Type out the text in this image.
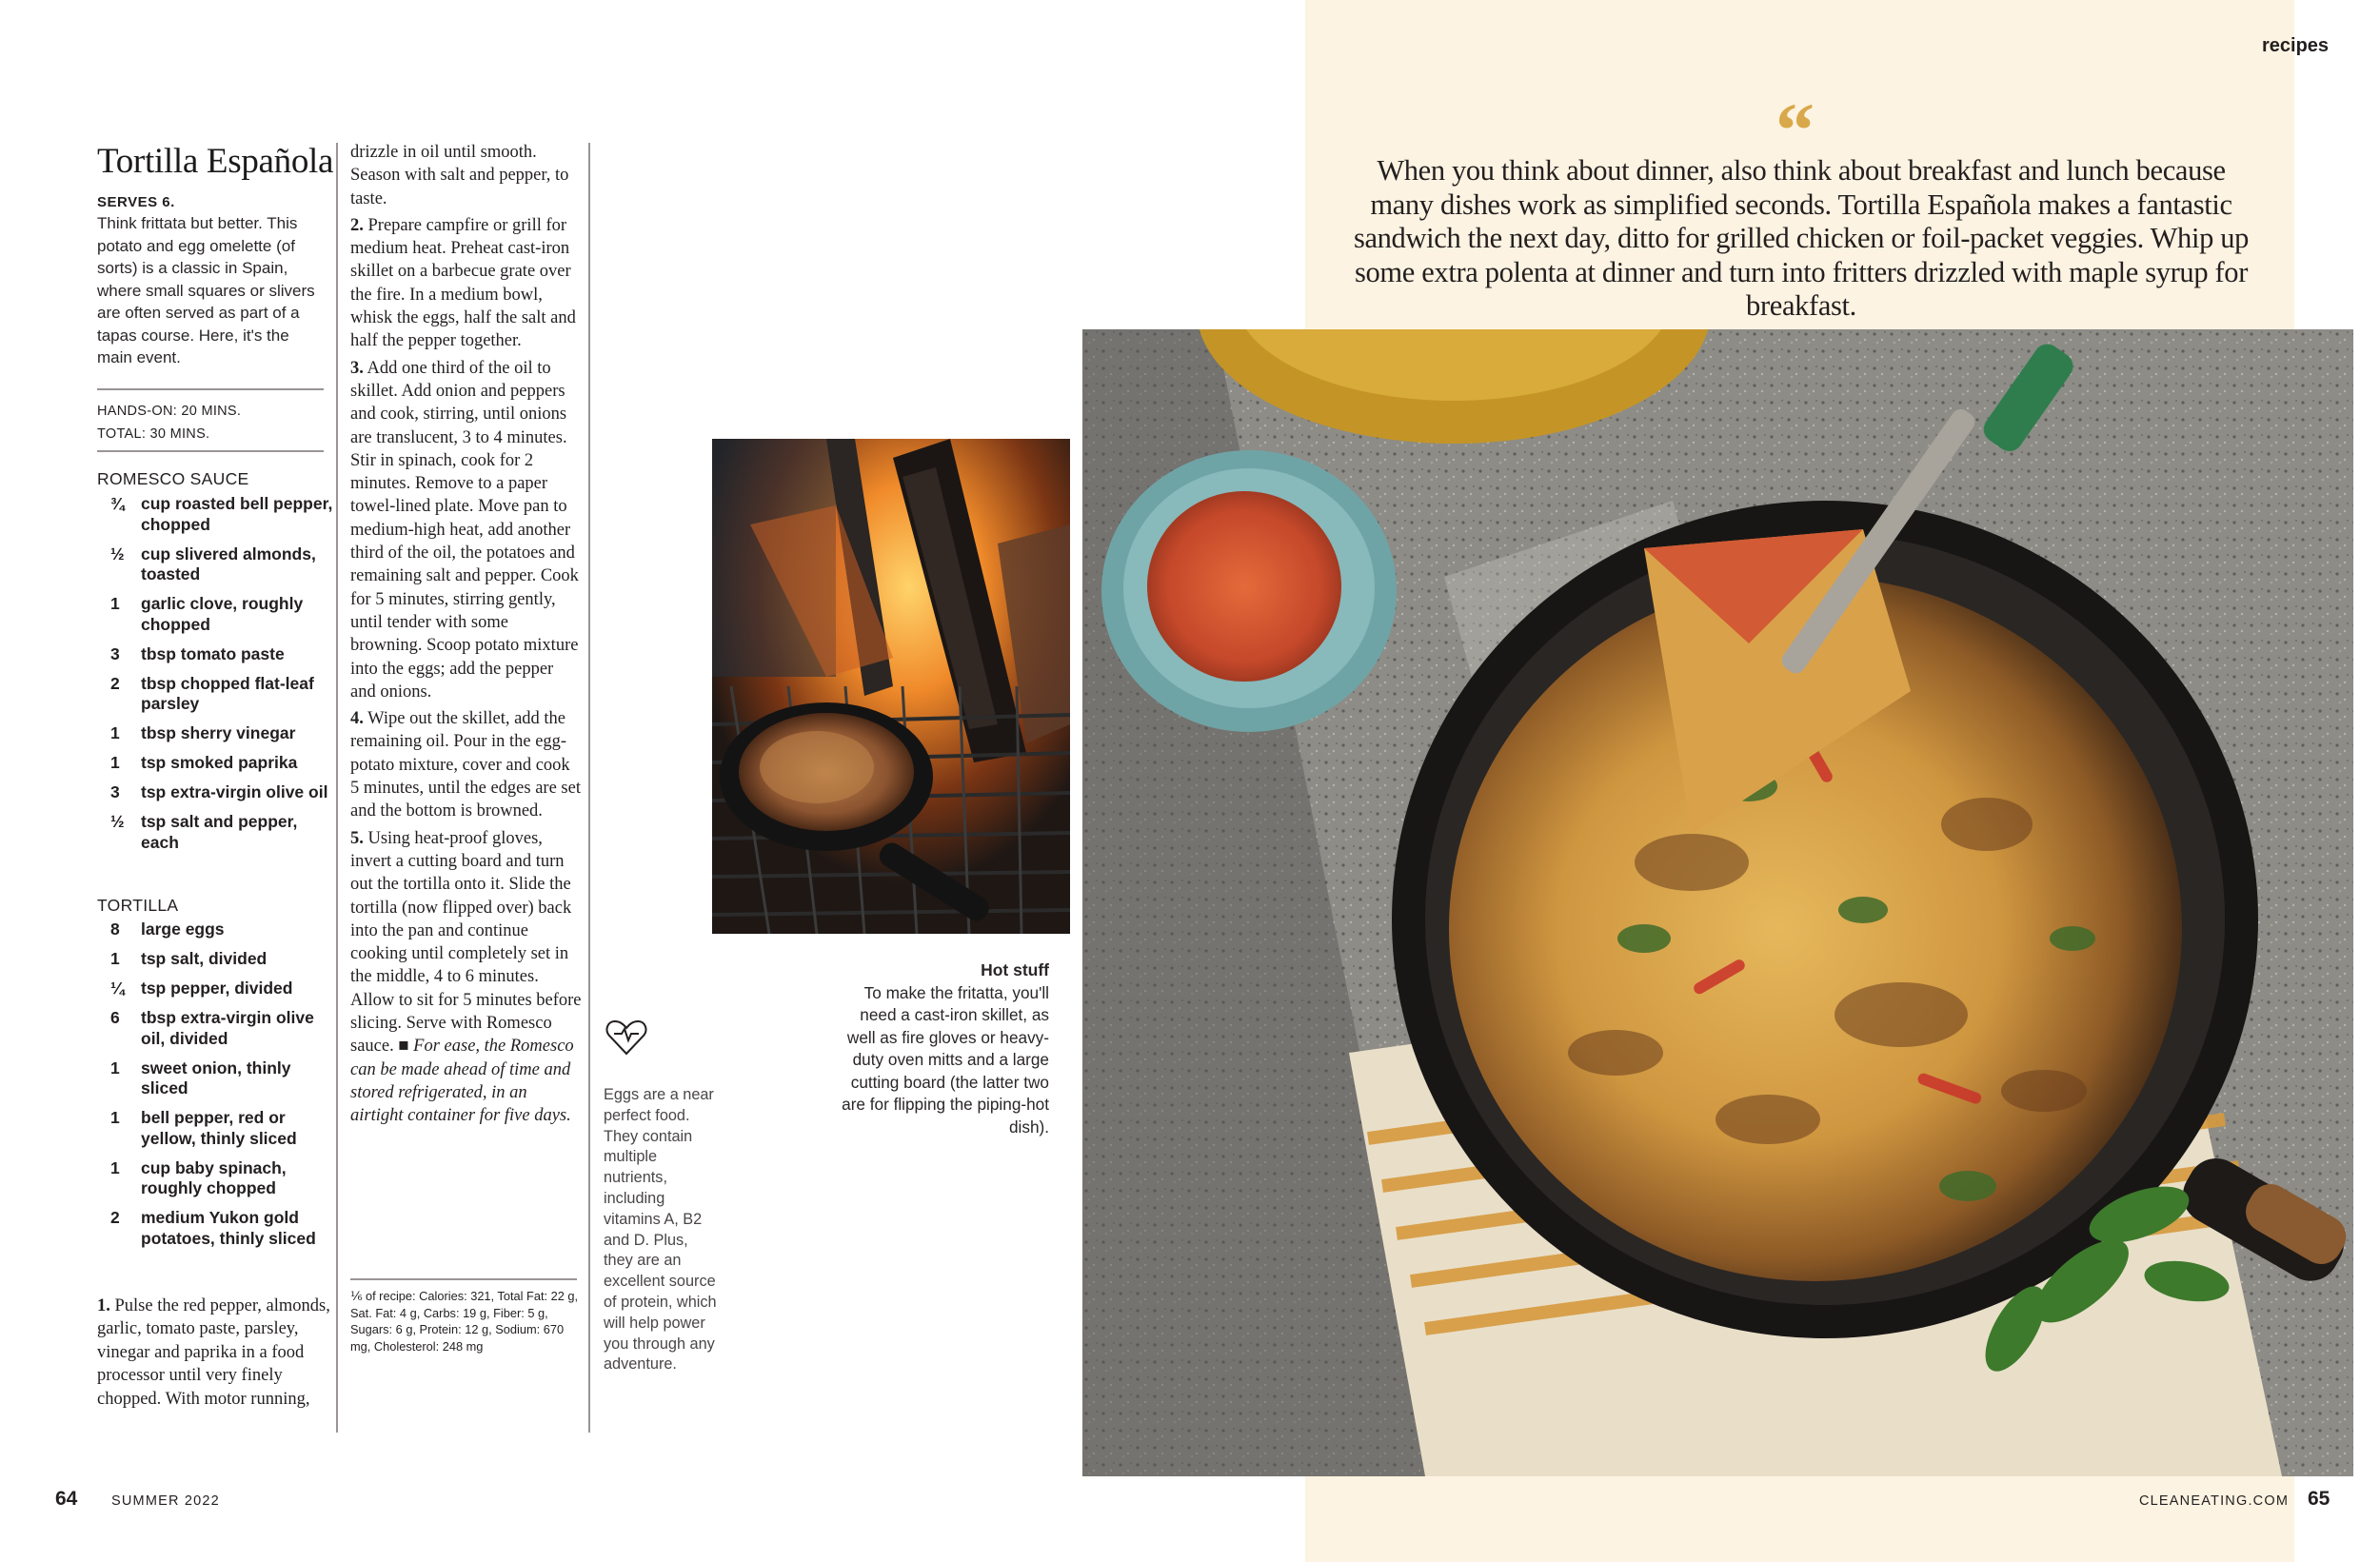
Tortilla Española
SERVES 6.
Think frittata but better. This potato and egg omelette (of sorts) is a classic in Spain, where small squares or slivers are often served as part of a tapas course. Here, it's the main event.
HANDS-ON: 20 MINS.
TOTAL: 30 MINS.
ROMESCO SAUCE
¾ cup roasted bell pepper, chopped
½ cup slivered almonds, toasted
1	garlic clove, roughly chopped
3	tbsp tomato paste
2	tbsp chopped flat-leaf parsley
1	tbsp sherry vinegar
1	tsp smoked paprika
3	tsp extra-virgin olive oil
½ tsp salt and pepper, each
TORTILLA
8	large eggs
1	tsp salt, divided
¼ tsp pepper, divided
6	tbsp extra-virgin olive oil, divided
1	sweet onion, thinly sliced
1	bell pepper, red or yellow, thinly sliced
1	cup baby spinach, roughly chopped
2	medium Yukon gold potatoes, thinly sliced
1. Pulse the red pepper, almonds, garlic, tomato paste, parsley, vinegar and paprika in a food processor until very finely chopped. With motor running,

drizzle in oil until smooth. Season with salt and pepper, to taste.

2. Prepare campfire or grill for medium heat. Preheat cast-iron skillet on a barbecue grate over the fire. In a medium bowl, whisk the eggs, half the salt and half the pepper together.

3. Add one third of the oil to skillet. Add onion and peppers and cook, stirring, until onions are translucent, 3 to 4 minutes. Stir in spinach, cook for 2 minutes. Remove to a paper towel-lined plate. Move pan to medium-high heat, add another third of the oil, the potatoes and remaining salt and pepper. Cook for 5 minutes, stirring gently, until tender with some browning. Scoop potato mixture into the eggs; add the pepper and onions.

4. Wipe out the skillet, add the remaining oil. Pour in the egg-potato mixture, cover and cook 5 minutes, until the edges are set and the bottom is browned.

5. Using heat-proof gloves, invert a cutting board and turn out the tortilla onto it. Slide the tortilla (now flipped over) back into the pan and continue cooking until completely set in the middle, 4 to 6 minutes. Allow to sit for 5 minutes before slicing. Serve with Romesco sauce. ■ For ease, the Romesco can be made ahead of time and stored refrigerated, in an airtight container for five days.

⅙ of recipe: Calories: 321, Total Fat: 22 g, Sat. Fat: 4 g, Carbs: 19 g, Fiber: 5 g, Sugars: 6 g, Protein: 12 g, Sodium: 670 mg, Cholesterol: 248 mg
Eggs are a near perfect food. They contain multiple nutrients, including vitamins A, B2 and D. Plus, they are an excellent source of protein, which will help power you through any adventure.
Hot stuff
To make the fritatta, you'll need a cast-iron skillet, as well as fire gloves or heavy-duty oven mitts and a large cutting board (the latter two are for flipping the piping-hot dish).
“
When you think about dinner, also think about breakfast and lunch because many dishes work as simplified seconds. Tortilla Española makes a fantastic sandwich the next day, ditto for grilled chicken or foil-packet veggies. Whip up some extra polenta at dinner and turn into fritters drizzled with maple syrup for breakfast.
recipes
64 SUMMER 2022	CLEANEATING.COM 65
